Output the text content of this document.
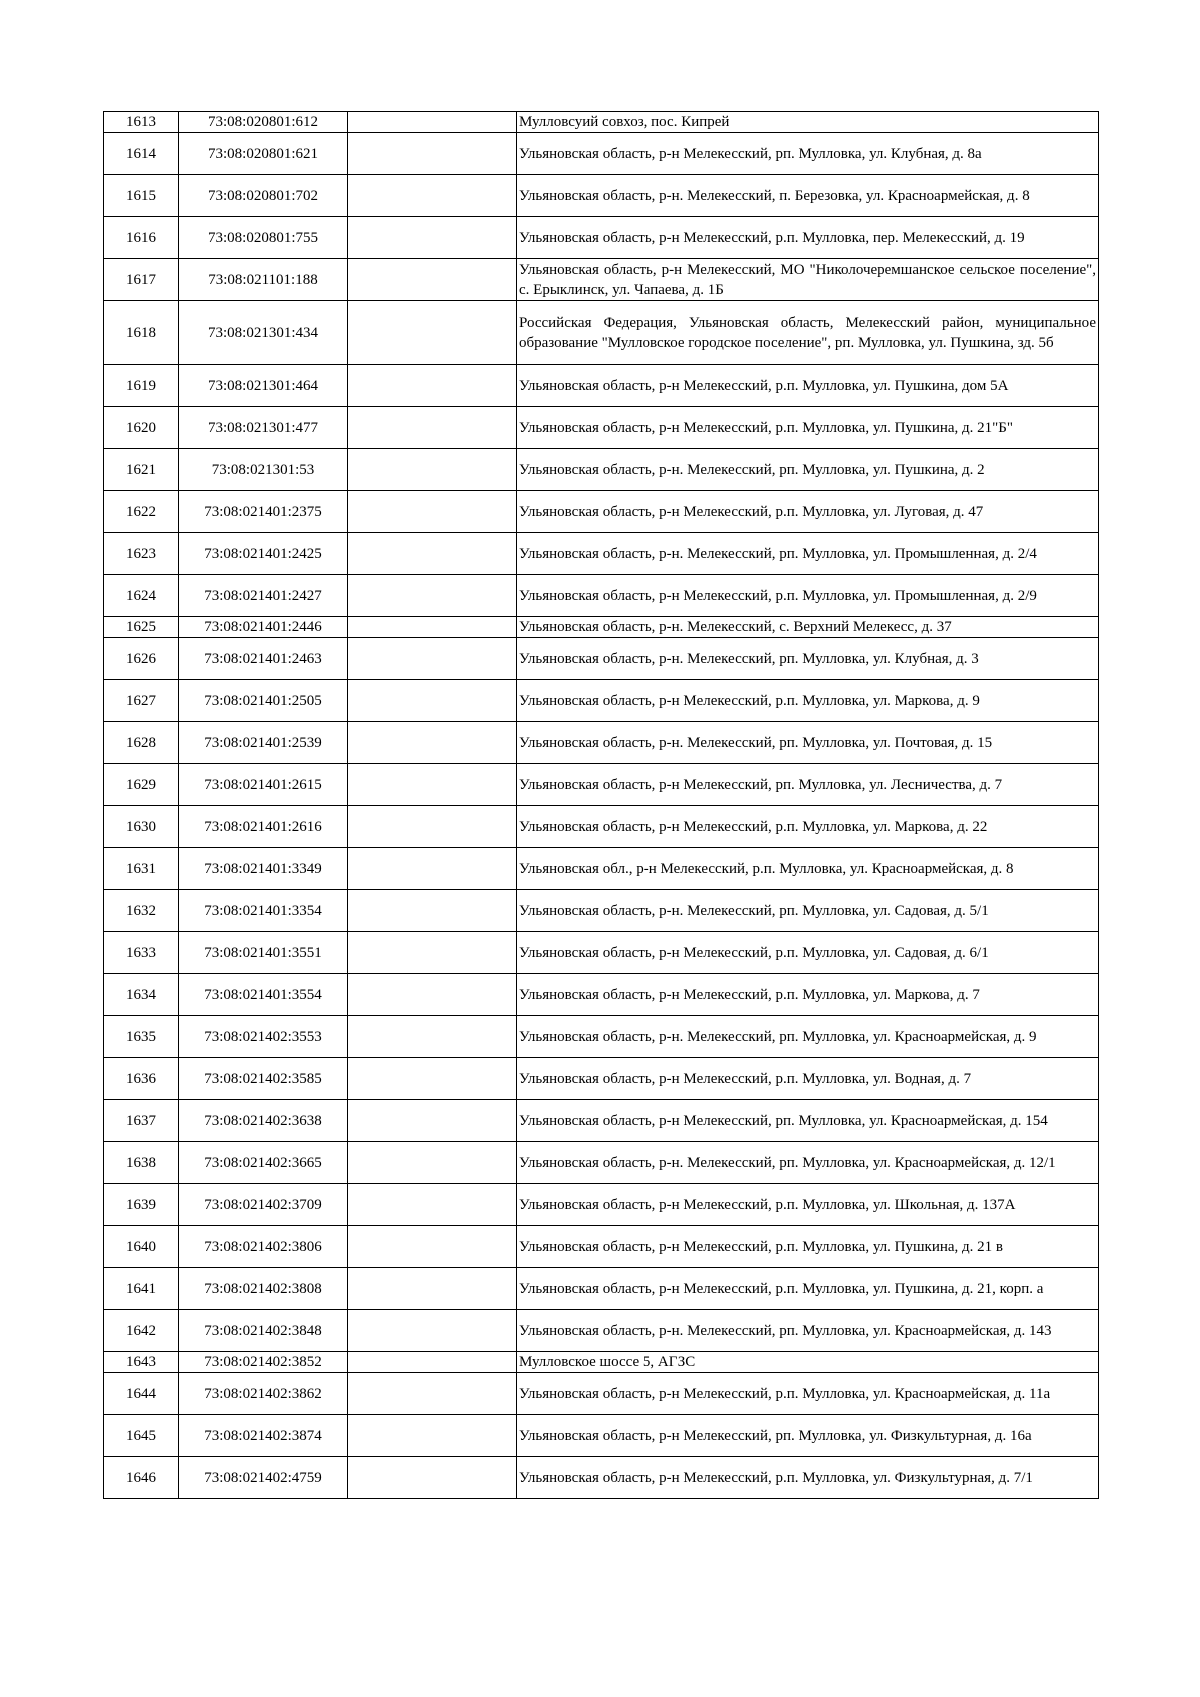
1613	73:08:020801:612		Мулловсуий совхоз, пос. Кипрей
1614	73:08:020801:621		Ульяновская область, р-н Мелекесский, рп. Мулловка, ул. Клубная, д. 8а
1615	73:08:020801:702		Ульяновская область, р-н. Мелекесский, п. Березовка, ул. Красноармейская, д. 8
1616	73:08:020801:755		Ульяновская область, р-н Мелекесский, р.п. Мулловка, пер. Мелекесский, д. 19
1617	73:08:021101:188		Ульяновская область, р-н Мелекесский, МО "Николочеремшанское сельское поселение", с. Ерыклинск, ул. Чапаева, д. 1Б
1618	73:08:021301:434		Российская Федерация, Ульяновская область, Мелекесский район, муниципальное образование "Мулловское городское поселение", рп. Мулловка, ул. Пушкина, зд. 5б
1619	73:08:021301:464		Ульяновская область, р-н Мелекесский, р.п. Мулловка, ул. Пушкина, дом 5А
1620	73:08:021301:477		Ульяновская область, р-н Мелекесский, р.п. Мулловка, ул. Пушкина, д. 21"Б"
1621	73:08:021301:53		Ульяновская область, р-н. Мелекесский, рп. Мулловка, ул. Пушкина, д. 2
1622	73:08:021401:2375		Ульяновская область, р-н Мелекесский, р.п. Мулловка, ул. Луговая, д. 47
1623	73:08:021401:2425		Ульяновская область, р-н. Мелекесский, рп. Мулловка, ул. Промышленная, д. 2/4
1624	73:08:021401:2427		Ульяновская область, р-н Мелекесский, р.п. Мулловка, ул. Промышленная, д. 2/9
1625	73:08:021401:2446		Ульяновская область, р-н. Мелекесский, с. Верхний Мелекесс, д. 37
1626	73:08:021401:2463		Ульяновская область, р-н. Мелекесский, рп. Мулловка, ул. Клубная, д. 3
1627	73:08:021401:2505		Ульяновская область, р-н Мелекесский, р.п. Мулловка, ул. Маркова, д. 9
1628	73:08:021401:2539		Ульяновская область, р-н. Мелекесский, рп. Мулловка, ул. Почтовая, д. 15
1629	73:08:021401:2615		Ульяновская область, р-н Мелекесский, рп. Мулловка, ул. Лесничества, д. 7
1630	73:08:021401:2616		Ульяновская область, р-н Мелекесский, р.п. Мулловка, ул. Маркова, д. 22
1631	73:08:021401:3349		Ульяновская обл., р-н Мелекесский, р.п. Мулловка, ул. Красноармейская, д. 8
1632	73:08:021401:3354		Ульяновская область, р-н. Мелекесский, рп. Мулловка, ул. Садовая, д. 5/1
1633	73:08:021401:3551		Ульяновская область, р-н Мелекесский, р.п. Мулловка, ул. Садовая, д. 6/1
1634	73:08:021401:3554		Ульяновская область, р-н Мелекесский, р.п. Мулловка, ул. Маркова, д. 7
1635	73:08:021402:3553		Ульяновская область, р-н. Мелекесский, рп. Мулловка, ул. Красноармейская, д. 9
1636	73:08:021402:3585		Ульяновская область, р-н Мелекесский, р.п. Мулловка, ул. Водная, д. 7
1637	73:08:021402:3638		Ульяновская область, р-н Мелекесский, рп. Мулловка, ул. Красноармейская, д. 154
1638	73:08:021402:3665		Ульяновская область, р-н. Мелекесский, рп. Мулловка, ул. Красноармейская, д. 12/1
1639	73:08:021402:3709		Ульяновская область, р-н Мелекесский, р.п. Мулловка, ул. Школьная, д. 137А
1640	73:08:021402:3806		Ульяновская область, р-н Мелекесский, р.п. Мулловка, ул. Пушкина, д. 21 в
1641	73:08:021402:3808		Ульяновская область, р-н Мелекесский, р.п. Мулловка, ул. Пушкина, д. 21, корп. а
1642	73:08:021402:3848		Ульяновская область, р-н. Мелекесский, рп. Мулловка, ул. Красноармейская, д. 143
1643	73:08:021402:3852		Мулловское шоссе 5, АГЗС
1644	73:08:021402:3862		Ульяновская область, р-н Мелекесский, р.п. Мулловка, ул. Красноармейская, д. 11а
1645	73:08:021402:3874		Ульяновская область, р-н Мелекесский, рп. Мулловка, ул. Физкультурная, д. 16а
1646	73:08:021402:4759		Ульяновская область, р-н Мелекесский, р.п. Мулловка, ул. Физкультурная, д. 7/1
